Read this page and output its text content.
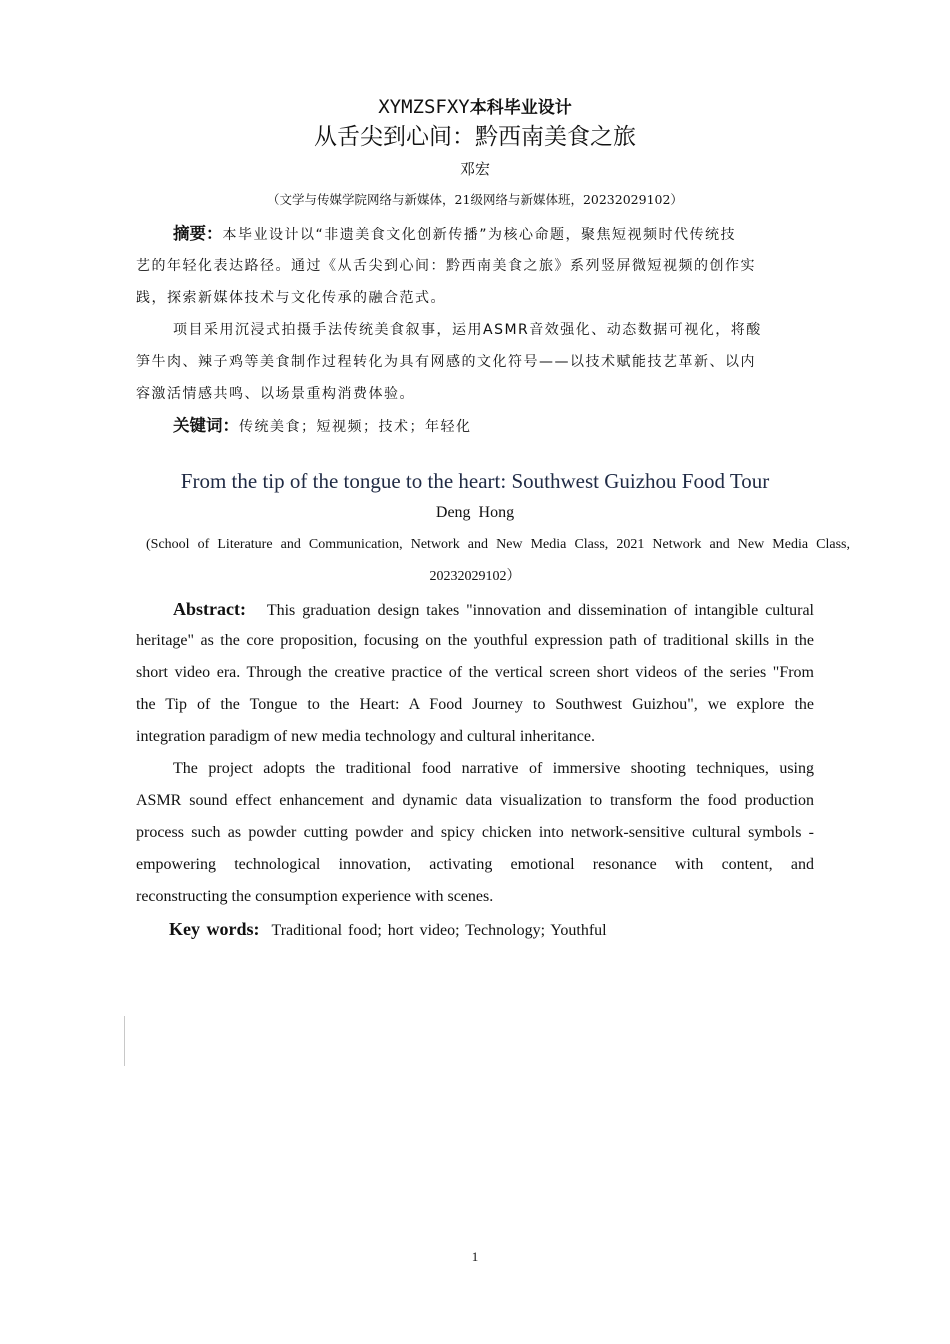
XYMZSFXY本科毕业设计
从舌尖到心间：黔西南美食之旅
邓宏
（文学与传媒学院网络与新媒体，21级网络与新媒体班，20232029102）
摘要：本毕业设计以“非遗美食文化创新传播”为核心命题，聚焦短视频时代传统技
艺的年轻化表达路径。通过《从舌尖到心间：黔西南美食之旅》系列竖屏微短视频的创作实
践，探索新媒体技术与文化传承的融合范式。
项目采用沉浸式拍摄手法传统美食叙事，运用ASMR音效强化、动态数据可视化，将酸
笋牛肉、辣子鸡等美食制作过程转化为具有网感的文化符号——以技术赋能技艺革新、以内
容激活情感共鸣、以场景重构消费体验。
关键词：传统美食；短视频；技术；年轻化
From the tip of the tongue to the heart: Southwest Guizhou Food Tour
Deng Hong
(School of Literature and Communication, Network and New Media Class, 2021 Network and New Media Class,
20232029102）
Abstract: This graduation design takes "innovation and dissemination of intangible cultural
heritage" as the core proposition, focusing on the youthful expression path of traditional skills in the
short video era. Through the creative practice of the vertical screen short videos of the series "From
the Tip of the Tongue to the Heart: A Food Journey to Southwest Guizhou", we explore the
integration paradigm of new media technology and cultural inheritance.
The project adopts the traditional food narrative of immersive shooting techniques, using
ASMR sound effect enhancement and dynamic data visualization to transform the food production
process such as powder cutting powder and spicy chicken into network-sensitive cultural symbols -
empowering technological innovation, activating emotional resonance with content, and
reconstructing the consumption experience with scenes.
Key words: Traditional food; hort video; Technology; Youthful
1
